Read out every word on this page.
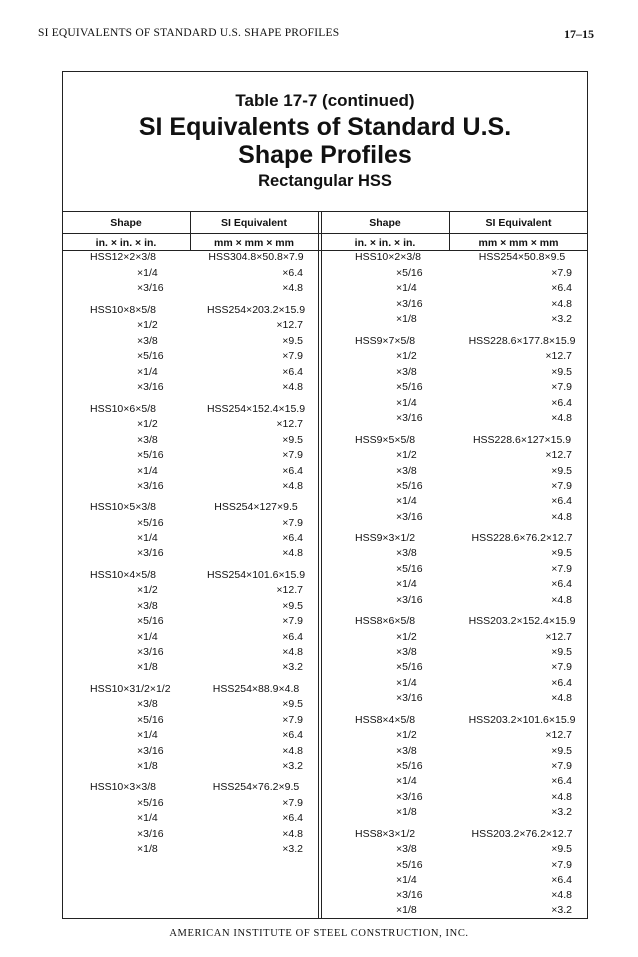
SI EQUIVALENTS OF STANDARD U.S. SHAPE PROFILES	17–15
Table 17-7 (continued)
SI Equivalents of Standard U.S.
Shape Profiles
Rectangular HSS
Shape	SI Equivalent	Shape	SI Equivalent
in. × in. × in.	mm × mm × mm	in. × in. × in.	mm × mm × mm
HSS12×2×3/8	HSS304.8×50.8×7.9
×1/4	×6.4
×3/16	×4.8
HSS10×8×5/8	HSS254×203.2×15.9
×1/2	×12.7
×3/8	×9.5
×5/16	×7.9
×1/4	×6.4
×3/16	×4.8
HSS10×6×5/8	HSS254×152.4×15.9
×1/2	×12.7
×3/8	×9.5
×5/16	×7.9
×1/4	×6.4
×3/16	×4.8
HSS10×5×3/8	HSS254×127×9.5
×5/16	×7.9
×1/4	×6.4
×3/16	×4.8
HSS10×4×5/8	HSS254×101.6×15.9
×1/2	×12.7
×3/8	×9.5
×5/16	×7.9
×1/4	×6.4
×3/16	×4.8
×1/8	×3.2
HSS10×31/2×1/2	HSS254×88.9×4.8
×3/8	×9.5
×5/16	×7.9
×1/4	×6.4
×3/16	×4.8
×1/8	×3.2
HSS10×3×3/8	HSS254×76.2×9.5
×5/16	×7.9
×1/4	×6.4
×3/16	×4.8
×1/8	×3.2
HSS10×2×3/8	HSS254×50.8×9.5
×5/16	×7.9
×1/4	×6.4
×3/16	×4.8
×1/8	×3.2
HSS9×7×5/8	HSS228.6×177.8×15.9
×1/2	×12.7
×3/8	×9.5
×5/16	×7.9
×1/4	×6.4
×3/16	×4.8
HSS9×5×5/8	HSS228.6×127×15.9
×1/2	×12.7
×3/8	×9.5
×5/16	×7.9
×1/4	×6.4
×3/16	×4.8
HSS9×3×1/2	HSS228.6×76.2×12.7
×3/8	×9.5
×5/16	×7.9
×1/4	×6.4
×3/16	×4.8
HSS8×6×5/8	HSS203.2×152.4×15.9
×1/2	×12.7
×3/8	×9.5
×5/16	×7.9
×1/4	×6.4
×3/16	×4.8
HSS8×4×5/8	HSS203.2×101.6×15.9
×1/2	×12.7
×3/8	×9.5
×5/16	×7.9
×1/4	×6.4
×3/16	×4.8
×1/8	×3.2
HSS8×3×1/2	HSS203.2×76.2×12.7
×3/8	×9.5
×5/16	×7.9
×1/4	×6.4
×3/16	×4.8
×1/8	×3.2
AMERICAN INSTITUTE OF STEEL CONSTRUCTION, INC.
